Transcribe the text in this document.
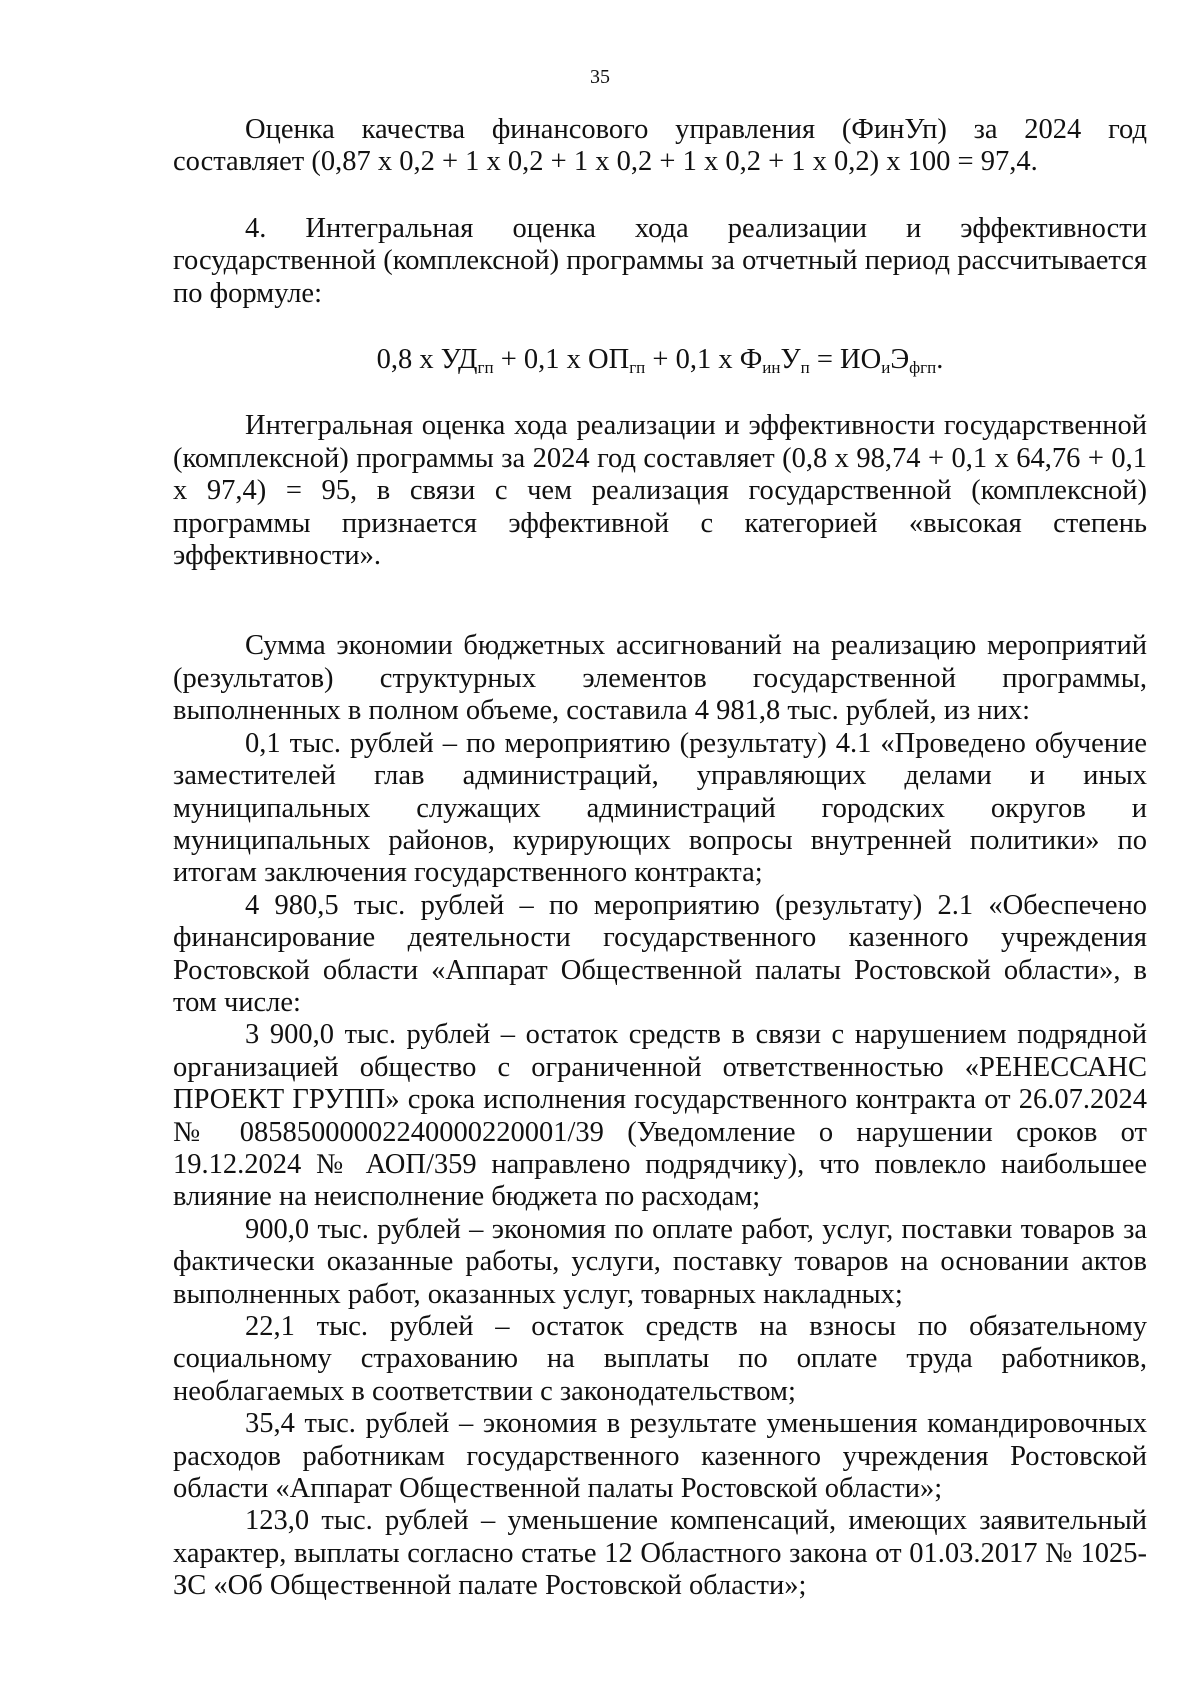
35

Оценка качества финансового управления (ФинУп) за 2024 год составляет (0,87 x 0,2 + 1 x 0,2 + 1 x 0,2 + 1 x 0,2 + 1 x 0,2) x 100 = 97,4.

4. Интегральная оценка хода реализации и эффективности государственной (комплексной) программы за отчетный период рассчитывается по формуле:

0,8 x $УД_{гп} + 0,1$ x $ОП_{гп} + 0,1$ x $Ф_{ин}У_п = ИО_иЭ_{фгп}$.

Интегральная оценка хода реализации и эффективности государственной (комплексной) программы за 2024 год составляет (0,8 x 98,74 + 0,1 x 64,76 + 0,1 x 97,4) = 95, в связи с чем реализация государственной (комплексной) программы признается эффективной с категорией «высокая степень эффективности».

Сумма экономии бюджетных ассигнований на реализацию мероприятий (результатов) структурных элементов государственной программы, выполненных в полном объеме, составила 4 981,8 тыс. рублей, из них:

0,1 тыс. рублей – по мероприятию (результату) 4.1 «Проведено обучение заместителей глав администраций, управляющих делами и иных муниципальных служащих администраций городских округов и муниципальных районов, курирующих вопросы внутренней политики» по итогам заключения государственного контракта;

4 980,5 тыс. рублей – по мероприятию (результату) 2.1 «Обеспечено финансирование деятельности государственного казенного учреждения Ростовской области «Аппарат Общественной палаты Ростовской области», в том числе:

3 900,0 тыс. рублей – остаток средств в связи с нарушением подрядной организацией общество с ограниченной ответственностью «РЕНЕССАНС ПРОЕКТ ГРУПП» срока исполнения государственного контракта от 26.07.2024 № 0858500000224000022000​1/39 (Уведомление о нарушении сроков от 19.12.2024 № АОП/359 направлено подрядчику), что повлекло наибольшее влияние на неисполнение бюджета по расходам;

900,0 тыс. рублей – экономия по оплате работ, услуг, поставки товаров за фактически оказанные работы, услуги, поставку товаров на основании актов выполненных работ, оказанных услуг, товарных накладных;

22,1 тыс. рублей – остаток средств на взносы по обязательному социальному страхованию на выплаты по оплате труда работников, необлагаемых в соответствии с законодательством;

35,4 тыс. рублей – экономия в результате уменьшения командировочных расходов работникам государственного казенного учреждения Ростовской области «Аппарат Общественной палаты Ростовской области»;

123,0 тыс. рублей – уменьшение компенсаций, имеющих заявительный характер, выплаты согласно статье 12 Областного закона от 01.03.2017 № 1025-ЗС «Об Общественной палате Ростовской области»;
